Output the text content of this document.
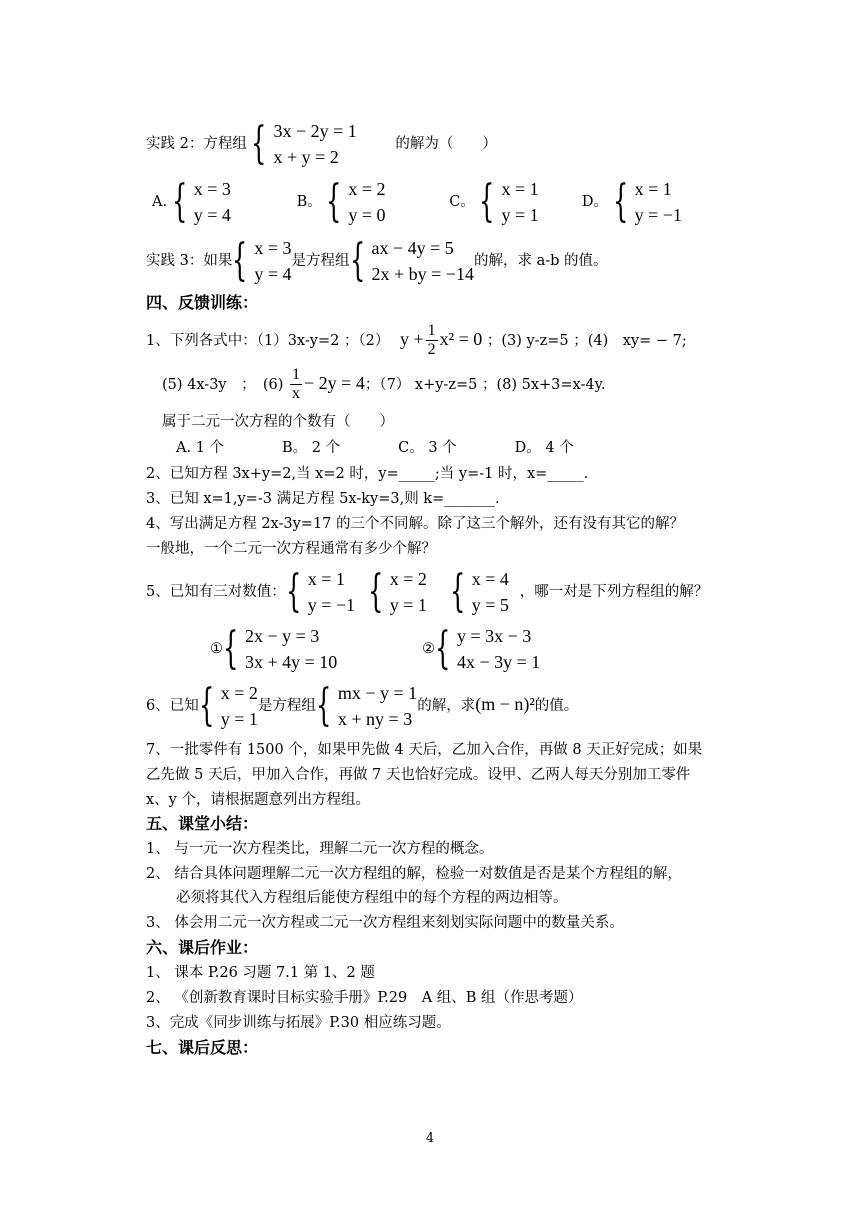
实践 2：方程组 { 3x − 2y = 1
x + y = 2
的解为（　　）
A. { x = 3
y = 4
B。 { x = 2
y = 0
C。 { x = 1
y = 1
D。 { x = 1
y = −1
实践 3：如果 { x = 3
y = 4
是方程组 { ax − 4y = 5
2x + by = −14
的解，求 a-b 的值。
四、反馈训练：
1、下列各式中：（1）3x-y=2 ；（2） $y + \frac{1}{2} x^2 = 0$ ；(3) y-z=5 ；(4)　xy= − 7;
(5) 4x-3y　；　$(6) \frac{1}{x} - 2y = 4$；（7） x+y-z=5 ；(8) 5x+3=x-4y.
属于二元一次方程的个数有（　　）
A. 1 个　　　　B。 2 个　　　　C。 3 个　　　　D。 4 个
2、已知方程 3x+y=2,当 x=2 时，y=_____;当 y=-1 时，x=_____.
3、已知 x=1,y=-3 满足方程 5x-ky=3,则 k=_______.
4、写出满足方程 2x-3y=17 的三个不同解。除了这三个解外，还有没有其它的解？
一般地，一个二元一次方程通常有多少个解？
5、已知有三对数值： { x = 1
y = −1 { x = 2
y = 1 { x = 4
y = 5
，哪一对是下列方程组的解？
① { 2x − y = 3
3x + 4y = 10
② { y = 3x − 3
4x − 3y = 1
6、已知 { x = 2
y = 1
是方程组 { mx − y = 1
x + ny = 3
的解，求(m − n)²的值。
7、一批零件有 1500 个，如果甲先做 4 天后，乙加入合作，再做 8 天正好完成；如果
乙先做 5 天后，甲加入合作，再做 7 天也恰好完成。设甲、乙两人每天分别加工零件
x、y 个，请根据题意列出方程组。
五、课堂小结：
1、 与一元一次方程类比，理解二元一次方程的概念。
2、 结合具体问题理解二元一次方程组的解，检验一对数值是否是某个方程组的解，
必须将其代入方程组后能使方程组中的每个方程的两边相等。
3、 体会用二元一次方程或二元一次方程组来刻划实际问题中的数量关系。
六、课后作业：
1、 课本 P.26 习题 7.1 第 1、2 题
2、 《创新教育课时目标实验手册》P.29　A 组、B 组（作思考题）
3、完成《同步训练与拓展》P.30 相应练习题。
七、课后反思：
4
